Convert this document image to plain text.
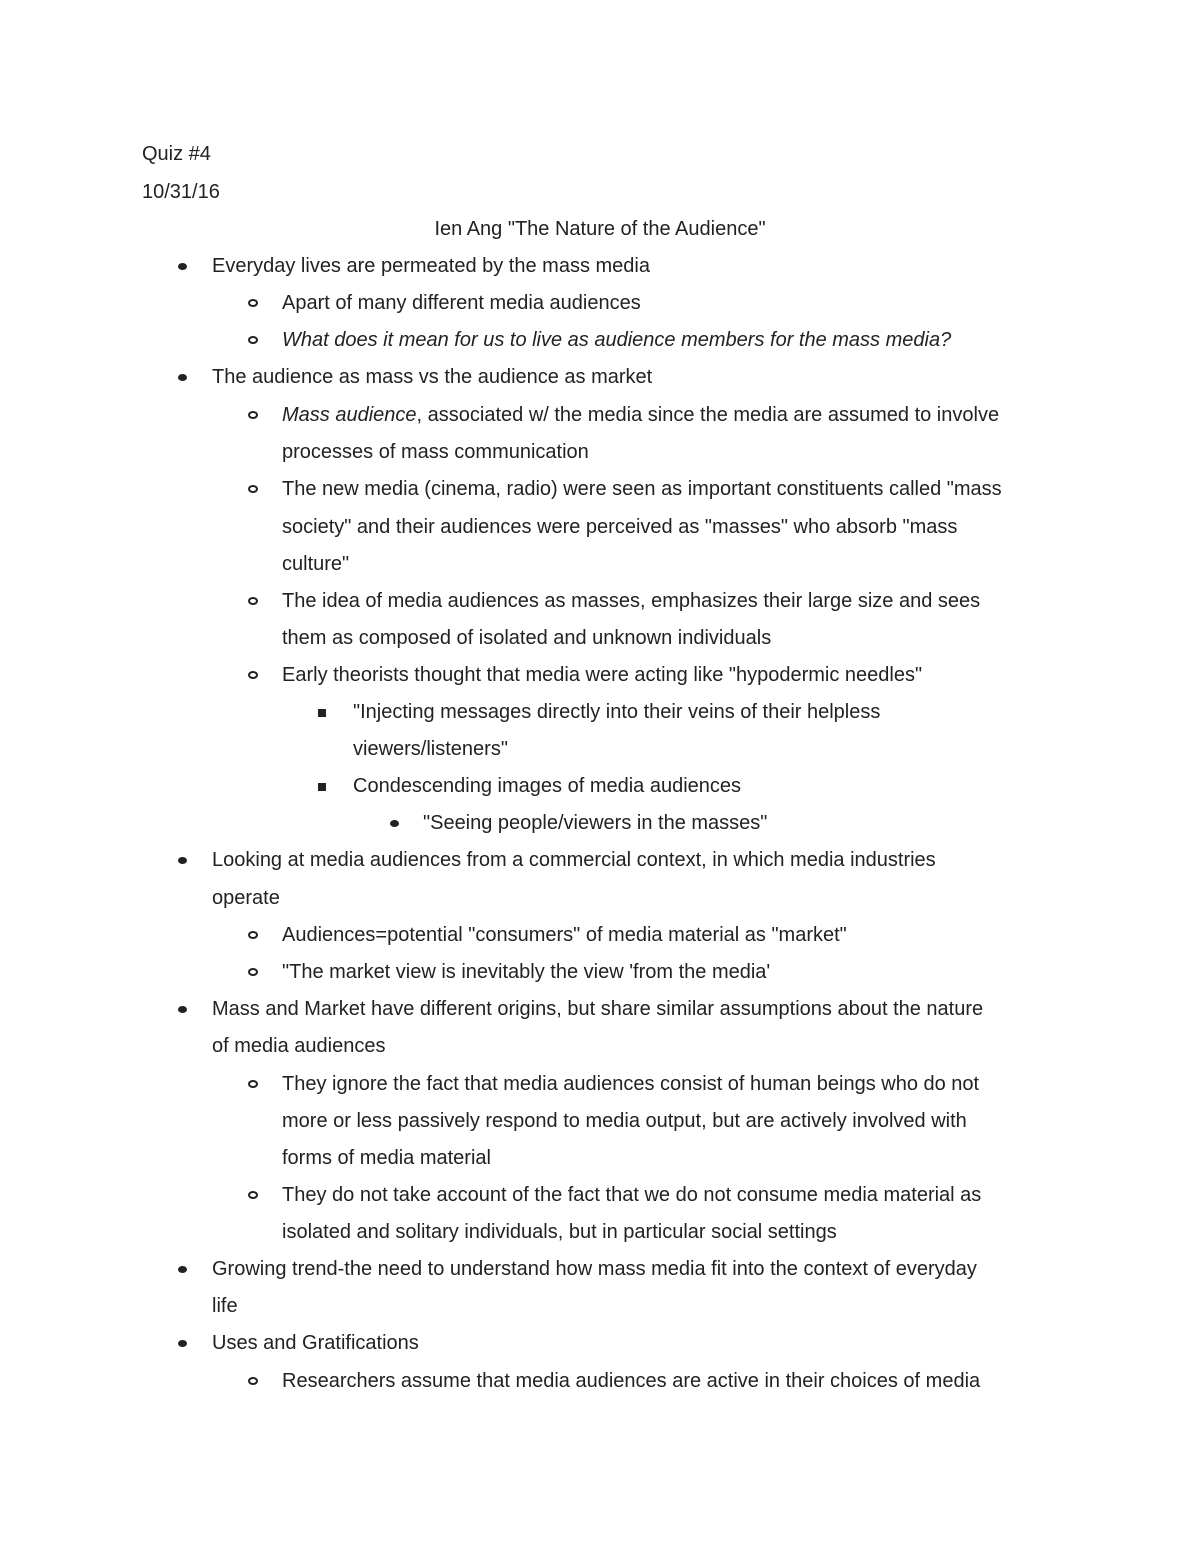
Quiz #4
10/31/16
Ien Ang "The Nature of the Audience"
Everyday lives are permeated by the mass media
Apart of many different media audiences
What does it mean for us to live as audience members for the mass media?
The audience as mass vs the audience as market
Mass audience, associated w/ the media since the media are assumed to involve
processes of mass communication
The new media (cinema, radio) were seen as important constituents called "mass
society" and their audiences were perceived as "masses" who absorb "mass
culture"
The idea of media audiences as masses, emphasizes their large size and sees
them as composed of isolated and unknown individuals
Early theorists thought that media were acting like "hypodermic needles"
"Injecting messages directly into their veins of their helpless
viewers/listeners"
Condescending images of media audiences
"Seeing people/viewers in the masses"
Looking at media audiences from a commercial context, in which media industries
operate
Audiences=potential "consumers" of media material as "market"
"The market view is inevitably the view 'from the media'
Mass and Market have different origins, but share similar assumptions about the nature
of media audiences
They ignore the fact that media audiences consist of human beings who do not
more or less passively respond to media output, but are actively involved with
forms of media material
They do not take account of the fact that we do not consume media material as
isolated and solitary individuals, but in particular social settings
Growing trend-the need to understand how mass media fit into the context of everyday
life
Uses and Gratifications
Researchers assume that media audiences are active in their choices of media
